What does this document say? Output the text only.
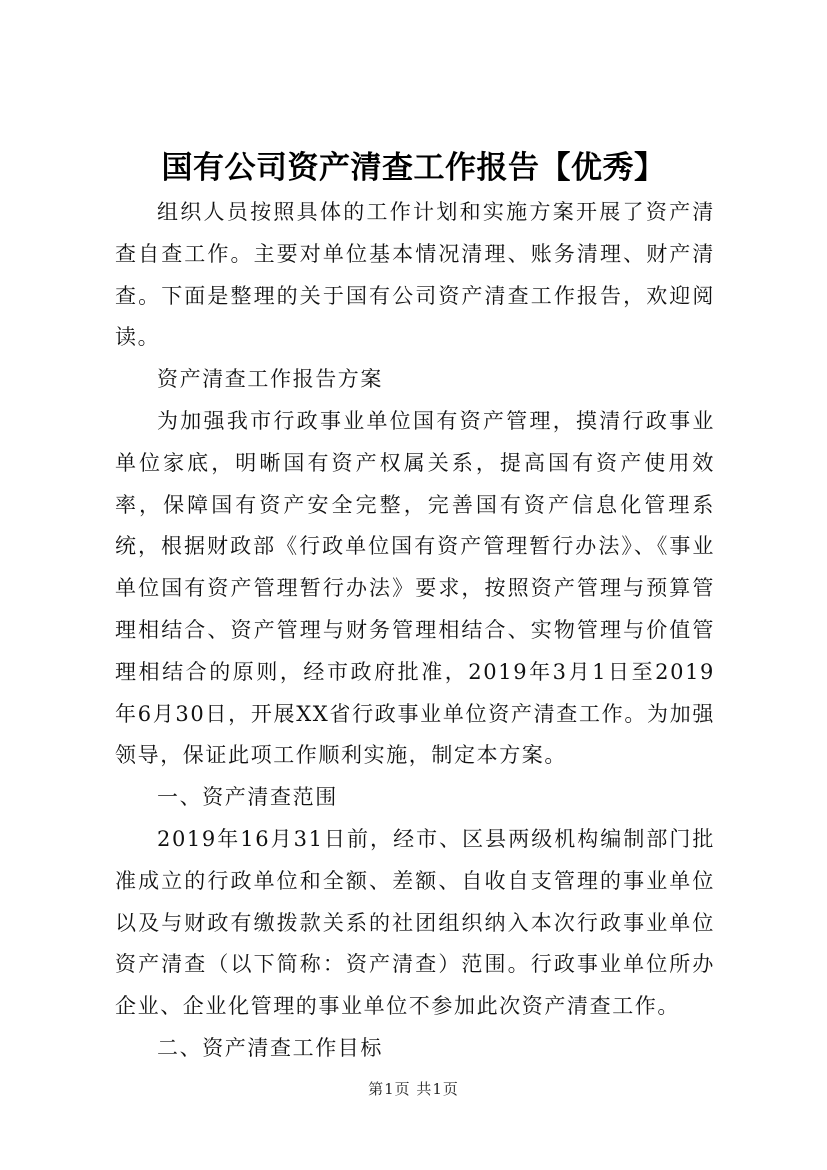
国有公司资产清查工作报告【优秀】

组织人员按照具体的工作计划和实施方案开展了资产清查自查工作。主要对单位基本情况清理、账务清理、财产清查。下面是整理的关于国有公司资产清查工作报告，欢迎阅读。

资产清查工作报告方案

为加强我市行政事业单位国有资产管理，摸清行政事业单位家底，明晰国有资产权属关系，提高国有资产使用效率，保障国有资产安全完整，完善国有资产信息化管理系统，根据财政部《行政单位国有资产管理暂行办法》、《事业单位国有资产管理暂行办法》要求，按照资产管理与预算管理相结合、资产管理与财务管理相结合、实物管理与价值管理相结合的原则，经市政府批准，2019年3月1日至2019年6月30日，开展XX省行政事业单位资产清查工作。为加强领导，保证此项工作顺利实施，制定本方案。

一、资产清查范围

2019年16月31日前，经市、区县两级机构编制部门批准成立的行政单位和全额、差额、自收自支管理的事业单位以及与财政有缴拨款关系的社团组织纳入本次行政事业单位资产清查（以下简称：资产清查）范围。行政事业单位所办企业、企业化管理的事业单位不参加此次资产清查工作。

二、资产清查工作目标

第1页 共1页
